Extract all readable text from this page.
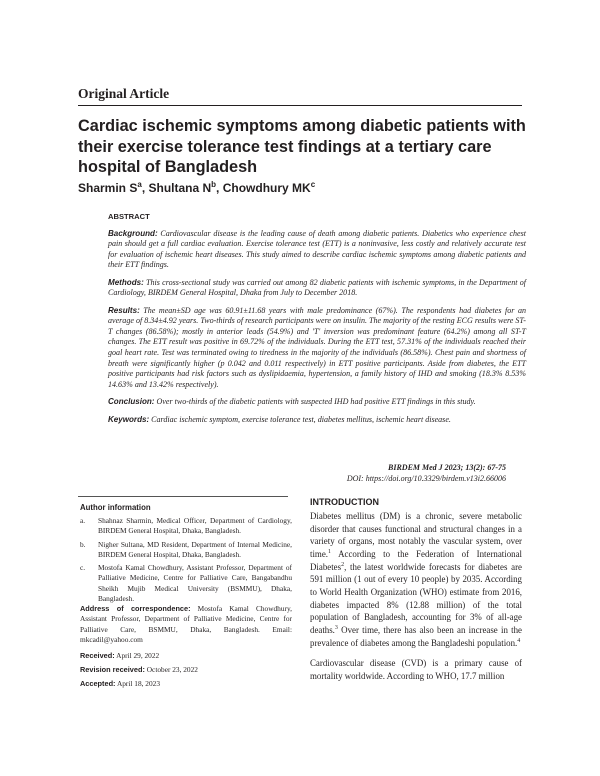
Original Article
Cardiac ischemic symptoms among diabetic patients with their exercise tolerance test findings at a tertiary care hospital of Bangladesh
Sharmin $S^a$, Shultana $N^b$, Chowdhury $MK^c$
ABSTRACT

Background: Cardiovascular disease is the leading cause of death among diabetic patients. Diabetics who experience chest pain should get a full cardiac evaluation. Exercise tolerance test (ETT) is a noninvasive, less costly and relatively accurate test for evaluation of ischemic heart diseases. This study aimed to describe cardiac ischemic symptoms among diabetic patients and their ETT findings.

Methods: This cross-sectional study was carried out among 82 diabetic patients with ischemic symptoms, in the Department of Cardiology, BIRDEM General Hospital, Dhaka from July to December 2018.

Results: The mean±SD age was 60.91±11.68 years with male predominance (67%). The respondents had diabetes for an average of 8.34±4.92 years. Two-thirds of research participants were on insulin. The majority of the resting ECG results were ST-T changes (86.58%); mostly in anterior leads (54.9%) and 'T' inversion was predominant feature (64.2%) among all ST-T changes. The ETT result was positive in 69.72% of the individuals. During the ETT test, 57.31% of the individuals reached their goal heart rate. Test was terminated owing to tiredness in the majority of the individuals (86.58%). Chest pain and shortness of breath were significantly higher (p 0.042 and 0.011 respectively) in ETT positive participants. Aside from diabetes, the ETT positive participants had risk factors such as dyslipidaemia, hypertension, a family history of IHD and smoking (18.3% 8.53% 14.63% and 13.42% respectively).

Conclusion: Over two-thirds of the diabetic patients with suspected IHD had positive ETT findings in this study.

Keywords: Cardiac ischemic symptom, exercise tolerance test, diabetes mellitus, ischemic heart disease.

BIRDEM Med J 2023; 13(2): 67-75
DOI: https://doi.org/10.3329/birdem.v13i2.66006
Author information
a.	Shahnaz Sharmin, Medical Officer, Department of Cardiology, BIRDEM General Hospital, Dhaka, Bangladesh.
b.	Nigher Sultana, MD Resident, Department of Internal Medicine, BIRDEM General Hospital, Dhaka, Bangladesh.
c.	Mostofa Kamal Chowdhury, Assistant Professor, Department of Palliative Medicine, Centre for Palliative Care, Bangabandhu Sheikh Mujib Medical University (BSMMU), Dhaka, Bangladesh.
Address of correspondence: Mostofa Kamal Chowdhury, Assistant Professor, Department of Palliative Medicine, Centre for Palliative Care, BSMMU, Dhaka, Bangladesh. Email: mkcadil@yahoo.com
Received: April 29, 2022
Revision received: October 23, 2022
Accepted: April 18, 2023
INTRODUCTION

Diabetes mellitus (DM) is a chronic, severe metabolic disorder that causes functional and structural changes in a variety of organs, most notably the vascular system, over time.$^1$ According to the Federation of International Diabetes$^2$, the latest worldwide forecasts for diabetes are 591 million (1 out of every 10 people) by 2035. According to World Health Organization (WHO) estimate from 2016, diabetes impacted 8% (12.88 million) of the total population of Bangladesh, accounting for 3% of all-age deaths.$^3$ Over time, there has also been an increase in the prevalence of diabetes among the Bangladeshi population.$^4$

Cardiovascular disease (CVD) is a primary cause of mortality worldwide. According to WHO, 17.7 million
